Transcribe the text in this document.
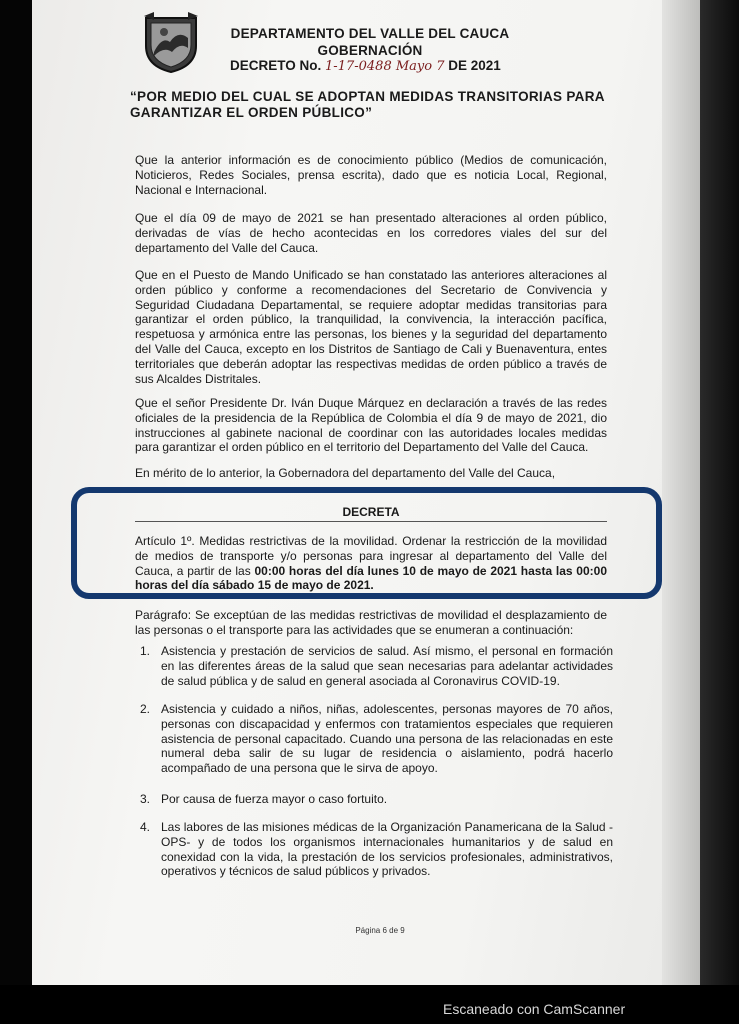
DEPARTAMENTO DEL VALLE DEL CAUCA
GOBERNACIÓN
DECRETO No. 1-17-0488 Mayo 7 DE 2021
“POR MEDIO DEL CUAL SE ADOPTAN MEDIDAS TRANSITORIAS PARA GARANTIZAR EL ORDEN PÚBLICO”
Que la anterior información es de conocimiento público (Medios de comunicación, Noticieros, Redes Sociales, prensa escrita), dado que es noticia Local, Regional, Nacional e Internacional.
Que el día 09 de mayo de 2021 se han presentado alteraciones al orden público, derivadas de vías de hecho acontecidas en los corredores viales del sur del departamento del Valle del Cauca.
Que en el Puesto de Mando Unificado se han constatado las anteriores alteraciones al orden público y conforme a recomendaciones del Secretario de Convivencia y Seguridad Ciudadana Departamental, se requiere adoptar medidas transitorias para garantizar el orden público, la tranquilidad, la convivencia, la interacción pacífica, respetuosa y armónica entre las personas, los bienes y la seguridad del departamento del Valle del Cauca, excepto en los Distritos de Santiago de Cali y Buenaventura, entes territoriales que deberán adoptar las respectivas medidas de orden público a través de sus Alcaldes Distritales.
Que el señor Presidente Dr. Iván Duque Márquez en declaración a través de las redes oficiales de la presidencia de la República de Colombia el día 9 de mayo de 2021, dio instrucciones al gabinete nacional de coordinar con las autoridades locales medidas para garantizar el orden público en el territorio del Departamento del Valle del Cauca.
En mérito de lo anterior, la Gobernadora del departamento del Valle del Cauca,
DECRETA
Artículo 1º. Medidas restrictivas de la movilidad. Ordenar la restricción de la movilidad de medios de transporte y/o personas para ingresar al departamento del Valle del Cauca, a partir de las 00:00 horas del día lunes 10 de mayo de 2021 hasta las 00:00 horas del día sábado 15 de mayo de 2021.
Parágrafo: Se exceptúan de las medidas restrictivas de movilidad el desplazamiento de las personas o el transporte para las actividades que se enumeran a continuación:
1. Asistencia y prestación de servicios de salud. Así mismo, el personal en formación en las diferentes áreas de la salud que sean necesarias para adelantar actividades de salud pública y de salud en general asociada al Coronavirus COVID-19.
2. Asistencia y cuidado a niños, niñas, adolescentes, personas mayores de 70 años, personas con discapacidad y enfermos con tratamientos especiales que requieren asistencia de personal capacitado. Cuando una persona de las relacionadas en este numeral deba salir de su lugar de residencia o aislamiento, podrá hacerlo acompañado de una persona que le sirva de apoyo.
3. Por causa de fuerza mayor o caso fortuito.
4. Las labores de las misiones médicas de la Organización Panamericana de la Salud - OPS- y de todos los organismos internacionales humanitarios y de salud en conexidad con la vida, la prestación de los servicios profesionales, administrativos, operativos y técnicos de salud públicos y privados.
Página 6 de 9
Escaneado con CamScanner
